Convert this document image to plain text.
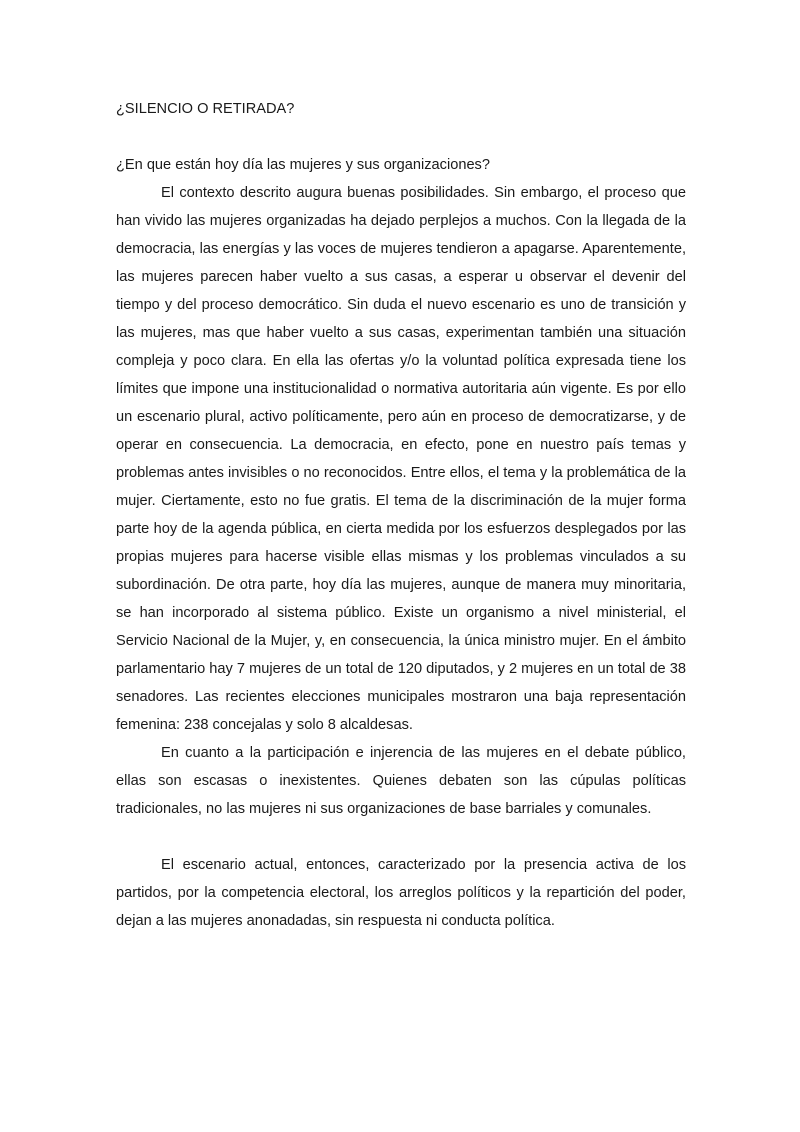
¿SILENCIO O RETIRADA?

¿En que están hoy día las mujeres y sus organizaciones?

El contexto descrito augura buenas posibilidades. Sin embargo, el proceso que han vivido las mujeres organizadas ha dejado perplejos a muchos. Con la llegada de la democracia, las energías y las voces de mujeres tendieron a apagarse. Aparentemente, las mujeres parecen haber vuelto a sus casas, a esperar u observar el devenir del tiempo y del proceso democrático. Sin duda el nuevo escenario es uno de transición y las mujeres, mas que haber vuelto a sus casas, experimentan también una situación compleja y poco clara. En ella las ofertas y/o la voluntad política expresada tiene los límites que impone una institucionalidad o normativa autoritaria aún vigente. Es por ello un escenario plural, activo políticamente, pero aún en proceso de democratizarse, y de operar en consecuencia. La democracia, en efecto, pone en nuestro país temas y problemas antes invisibles o no reconocidos. Entre ellos, el tema y la problemática de la mujer. Ciertamente, esto no fue gratis. El tema de la discriminación de la mujer forma parte hoy de la agenda pública, en cierta medida por los esfuerzos desplegados por las propias mujeres para hacerse visible ellas mismas y los problemas vinculados a su subordinación. De otra parte, hoy día las mujeres, aunque de manera muy minoritaria, se han incorporado al sistema público. Existe un organismo a nivel ministerial, el Servicio Nacional de la Mujer, y, en consecuencia, la única ministro mujer. En el ámbito parlamentario hay 7 mujeres de un total de 120 diputados, y 2 mujeres en un total de 38 senadores. Las recientes elecciones municipales mostraron una baja representación femenina: 238 concejalas y solo 8 alcaldesas.

En cuanto a la participación e injerencia de las mujeres en el debate público, ellas son escasas o inexistentes. Quienes debaten son las cúpulas políticas tradicionales, no las mujeres ni sus organizaciones de base barriales y comunales.

El escenario actual, entonces, caracterizado por la presencia activa de los partidos, por la competencia electoral, los arreglos políticos y la repartición del poder, dejan a las mujeres anonadadas, sin respuesta ni conducta política.
